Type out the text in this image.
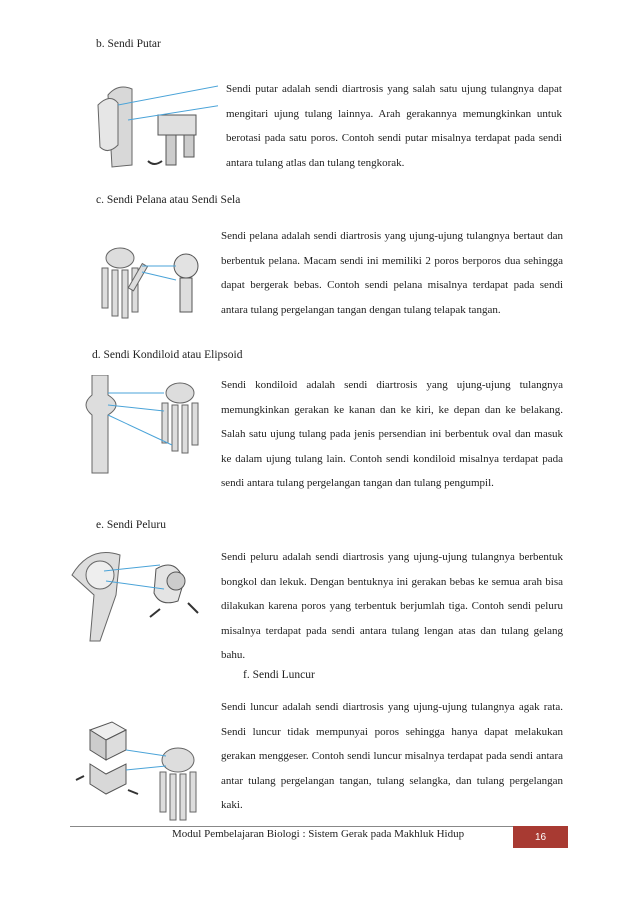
b. Sendi Putar
Sendi putar adalah sendi diartrosis yang salah satu ujung tulangnya dapat mengitari ujung tulang lainnya. Arah gerakannya memungkinkan untuk berotasi pada satu poros. Contoh sendi putar misalnya terdapat pada sendi antara tulang atlas dan tulang tengkorak.
c. Sendi Pelana atau Sendi Sela
Sendi pelana adalah sendi diartrosis yang ujung-ujung tulangnya bertaut dan berbentuk pelana. Macam sendi ini memiliki 2 poros berporos dua sehingga dapat bergerak bebas. Contoh sendi pelana misalnya terdapat pada sendi antara tulang pergelangan tangan dengan tulang telapak tangan.
d. Sendi Kondiloid atau Elipsoid
Sendi kondiloid adalah sendi diartrosis yang ujung-ujung tulangnya memungkinkan gerakan ke kanan dan ke kiri, ke depan dan ke belakang. Salah satu ujung tulang pada jenis persendian ini berbentuk oval dan masuk ke dalam ujung tulang lain. Contoh sendi kondiloid misalnya terdapat pada sendi antara tulang pergelangan tangan dan tulang pengumpil.
e. Sendi Peluru
Sendi peluru adalah sendi diartrosis yang ujung-ujung tulangnya berbentuk bongkol dan lekuk. Dengan bentuknya ini gerakan bebas ke semua arah bisa dilakukan karena poros yang terbentuk berjumlah tiga. Contoh sendi peluru misalnya terdapat pada sendi antara tulang lengan atas dan tulang gelang bahu.
f. Sendi Luncur
Sendi luncur adalah sendi diartrosis yang ujung-ujung tulangnya agak rata. Sendi luncur tidak mempunyai poros sehingga hanya dapat melakukan gerakan menggeser. Contoh sendi luncur misalnya terdapat pada sendi antara antar tulang pergelangan tangan, tulang selangka, dan tulang pergelangan kaki.
Modul Pembelajaran Biologi : Sistem Gerak pada Makhluk Hidup	16
